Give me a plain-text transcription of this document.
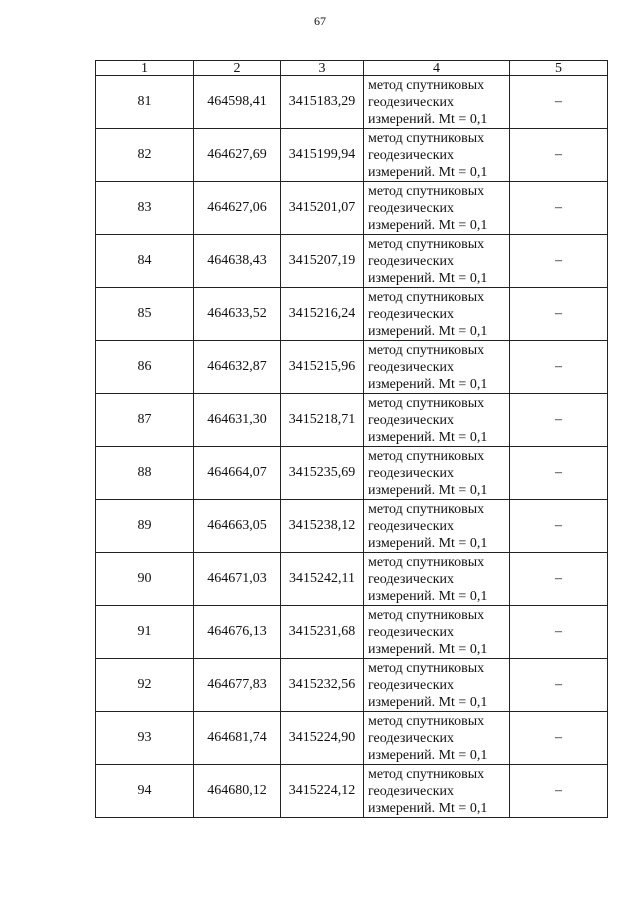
67
1	2	3	4	5
81	464598,41	3415183,29	метод спутниковых
геодезических
измерений. Mt = 0,1	–
82	464627,69	3415199,94	метод спутниковых
геодезических
измерений. Mt = 0,1	–
83	464627,06	3415201,07	метод спутниковых
геодезических
измерений. Mt = 0,1	–
84	464638,43	3415207,19	метод спутниковых
геодезических
измерений. Mt = 0,1	–
85	464633,52	3415216,24	метод спутниковых
геодезических
измерений. Mt = 0,1	–
86	464632,87	3415215,96	метод спутниковых
геодезических
измерений. Mt = 0,1	–
87	464631,30	3415218,71	метод спутниковых
геодезических
измерений. Mt = 0,1	–
88	464664,07	3415235,69	метод спутниковых
геодезических
измерений. Mt = 0,1	–
89	464663,05	3415238,12	метод спутниковых
геодезических
измерений. Mt = 0,1	–
90	464671,03	3415242,11	метод спутниковых
геодезических
измерений. Mt = 0,1	–
91	464676,13	3415231,68	метод спутниковых
геодезических
измерений. Mt = 0,1	–
92	464677,83	3415232,56	метод спутниковых
геодезических
измерений. Mt = 0,1	–
93	464681,74	3415224,90	метод спутниковых
геодезических
измерений. Mt = 0,1	–
94	464680,12	3415224,12	метод спутниковых
геодезических
измерений. Mt = 0,1	–
